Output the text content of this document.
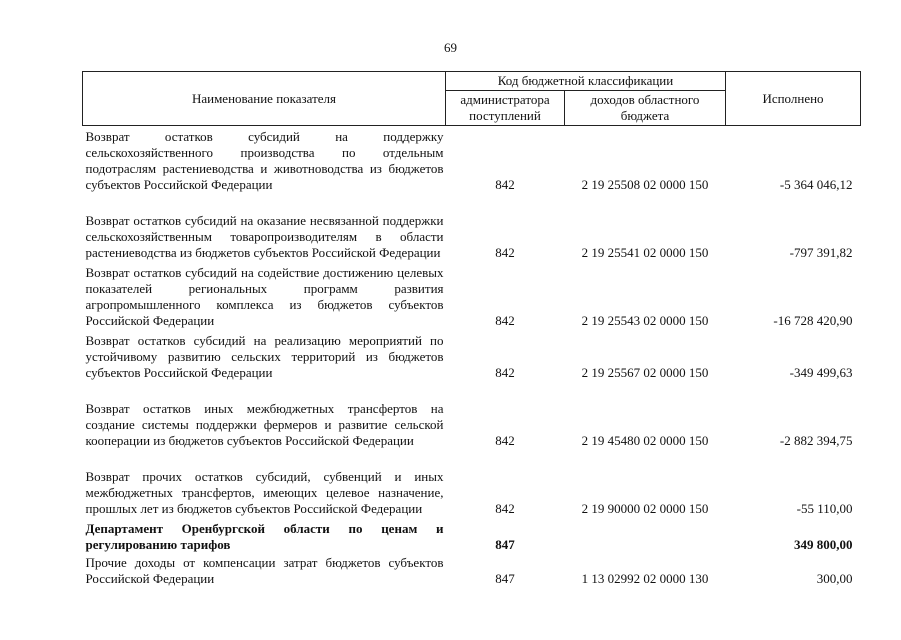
69
Наименование показателя	Код бюджетной классификации		Исполнено
	администратора поступлений	доходов областного бюджета	
Возврат остатков субсидий на поддержку сельскохозяйственного производства по отдельным подотраслям растениеводства и животноводства из бюджетов субъектов Российской Федерации	842	2 19 25508 02 0000 150	-5 364 046,12
Возврат остатков субсидий на оказание несвязанной поддержки сельскохозяйственным товаропроизводителям в области растениеводства из бюджетов субъектов Российской Федерации	842	2 19 25541 02 0000 150	-797 391,82
Возврат остатков субсидий на содействие достижению целевых показателей региональных программ развития агропромышленного комплекса из бюджетов субъектов Российской Федерации	842	2 19 25543 02 0000 150	-16 728 420,90
Возврат остатков субсидий на реализацию мероприятий по устойчивому развитию сельских территорий из бюджетов субъектов Российской Федерации	842	2 19 25567 02 0000 150	-349 499,63
Возврат остатков иных межбюджетных трансфертов на создание системы поддержки фермеров и развитие сельской кооперации из бюджетов субъектов Российской Федерации	842	2 19 45480 02 0000 150	-2 882 394,75
Возврат прочих остатков субсидий, субвенций и иных межбюджетных трансфертов, имеющих целевое назначение, прошлых лет из бюджетов субъектов Российской Федерации	842	2 19 90000 02 0000 150	-55 110,00
Департамент Оренбургской области по ценам и регулированию тарифов	847		349 800,00
Прочие доходы от компенсации затрат бюджетов субъектов Российской Федерации	847	1 13 02992 02 0000 130	300,00
